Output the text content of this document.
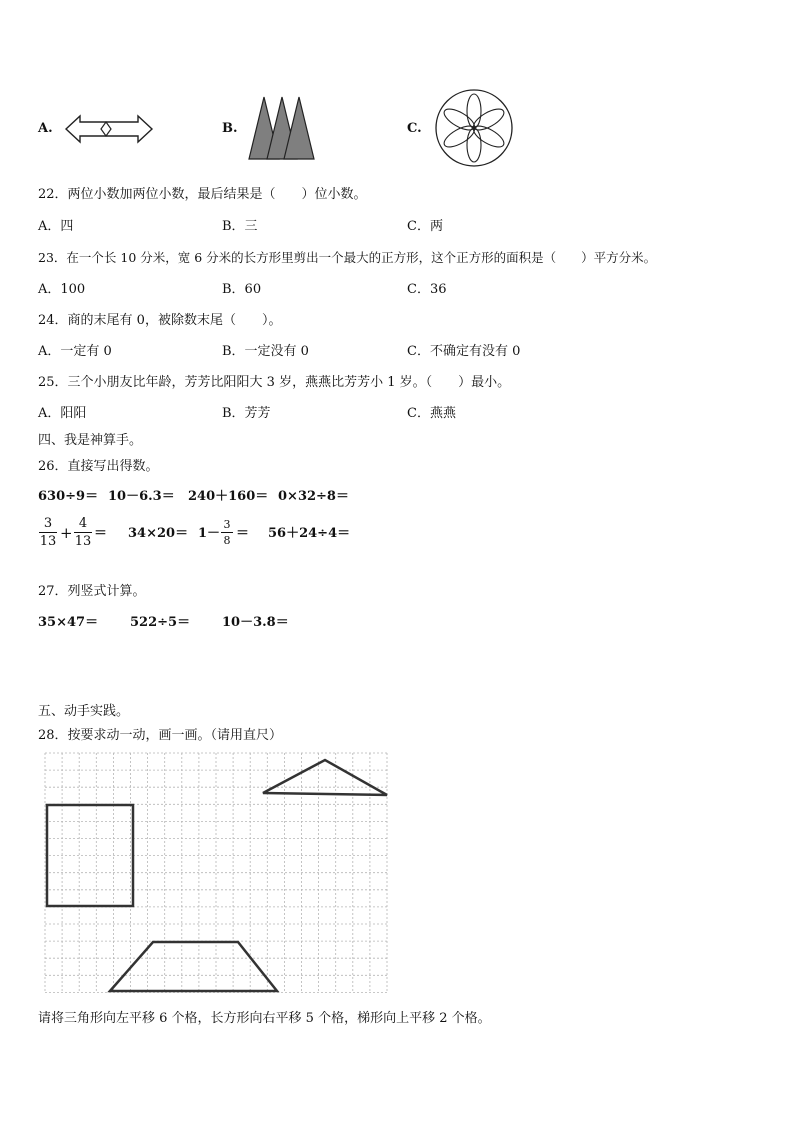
A.	B.	C.
22．两位小数加两位小数，最后结果是（　　）位小数。
A．四	B．三	C．两
23．在一个长 10 分米，宽 6 分米的长方形里剪出一个最大的正方形，这个正方形的面积是（　　）平方分米。
A．100	B．60	C．36
24．商的末尾有 0，被除数末尾（　　）。
A．一定有 0	B．一定没有 0	C．不确定有没有 0
25．三个小朋友比年龄，芳芳比阳阳大 3 岁，燕燕比芳芳小 1 岁。（　　）最小。
A．阳阳	B．芳芳	C．燕燕
四、我是神算手。
26．直接写出得数。
630÷9＝ 10－6.3＝ 240＋160＝ 0×32÷8＝
3
13 +
4
13
＝ 34×20＝ 1－
3
8 ＝ 56＋24÷4＝
27．列竖式计算。
35×47＝ 522÷5＝ 10－3.8＝
五、动手实践。
28．按要求动一动，画一画。（请用直尺）
请将三角形向左平移 6 个格，长方形向右平移 5 个格，梯形向上平移 2 个格。
